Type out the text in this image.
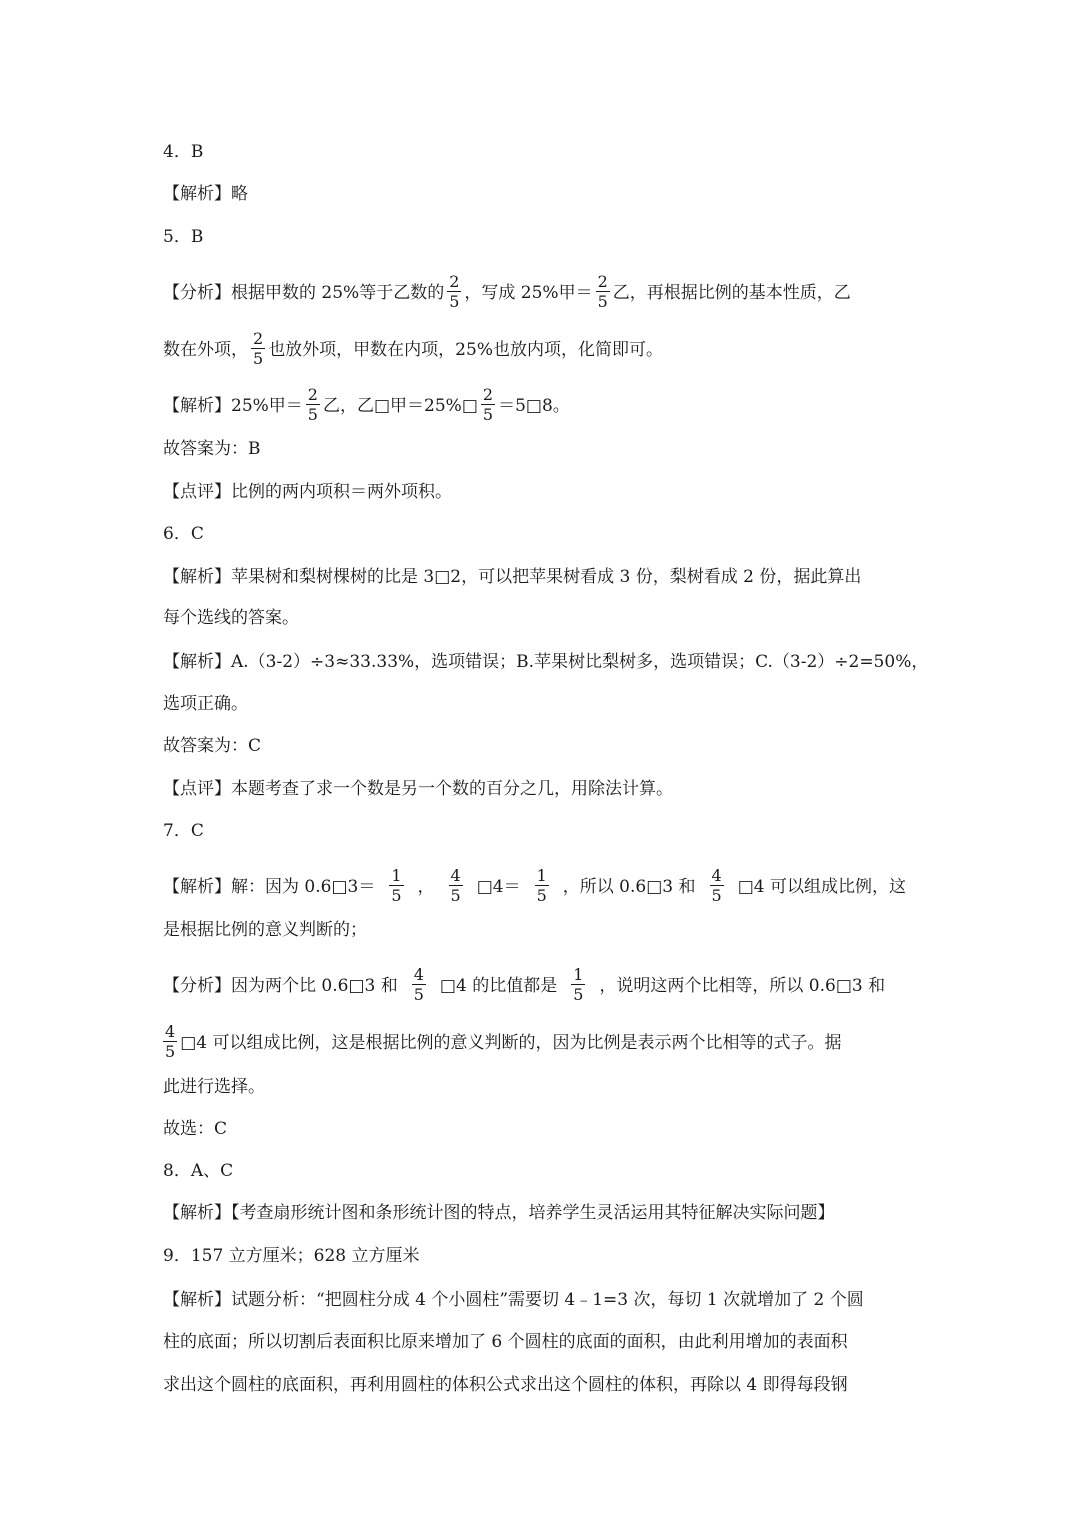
4．B
【解析】略
5．B
【分析】根据甲数的 25%等于乙数的 $\frac{2}{5}$ ，写成 25%甲＝ $\frac{2}{5}$ 乙，再根据比例的基本性质，乙
数在外项， $\frac{2}{5}$ 也放外项，甲数在内项，25%也放内项，化简即可。
【解析】25%甲＝ $\frac{2}{5}$ 乙，乙□甲＝25%□ $\frac{2}{5}$ ＝5□8。
故答案为：B
【点评】比例的两内项积＝两外项积。
6．C
【解析】苹果树和梨树棵树的比是 3□2，可以把苹果树看成 3 份，梨树看成 2 份，据此算出
每个选线的答案。
【解析】A.（3-2）÷3≈33.33%，选项错误；B.苹果树比梨树多，选项错误；C.（3-2）÷2=50%，
选项正确。
故答案为：C
【点评】本题考查了求一个数是另一个数的百分之几，用除法计算。
7．C
【解析】解：因为 0.6□3＝ $\frac{1}{5}$ ， $\frac{4}{5}$ □4＝ $\frac{1}{5}$ ，所以 0.6□3 和 $\frac{4}{5}$ □4 可以组成比例，这
是根据比例的意义判断的；
【分析】因为两个比 0.6□3 和 $\frac{4}{5}$ □4 的比值都是 $\frac{1}{5}$ ，说明这两个比相等，所以 0.6□3 和
$\frac{4}{5}$ □4 可以组成比例，这是根据比例的意义判断的，因为比例是表示两个比相等的式子。据
此进行选择。
故选：C
8．A、C
【解析】【考查扇形统计图和条形统计图的特点，培养学生灵活运用其特征解决实际问题】
9．157 立方厘米；628 立方厘米
【解析】试题分析：“把圆柱分成 4 个小圆柱”需要切 4﹣1=3 次，每切 1 次就增加了 2 个圆
柱的底面；所以切割后表面积比原来增加了 6 个圆柱的底面的面积，由此利用增加的表面积
求出这个圆柱的底面积，再利用圆柱的体积公式求出这个圆柱的体积，再除以 4 即得每段钢
